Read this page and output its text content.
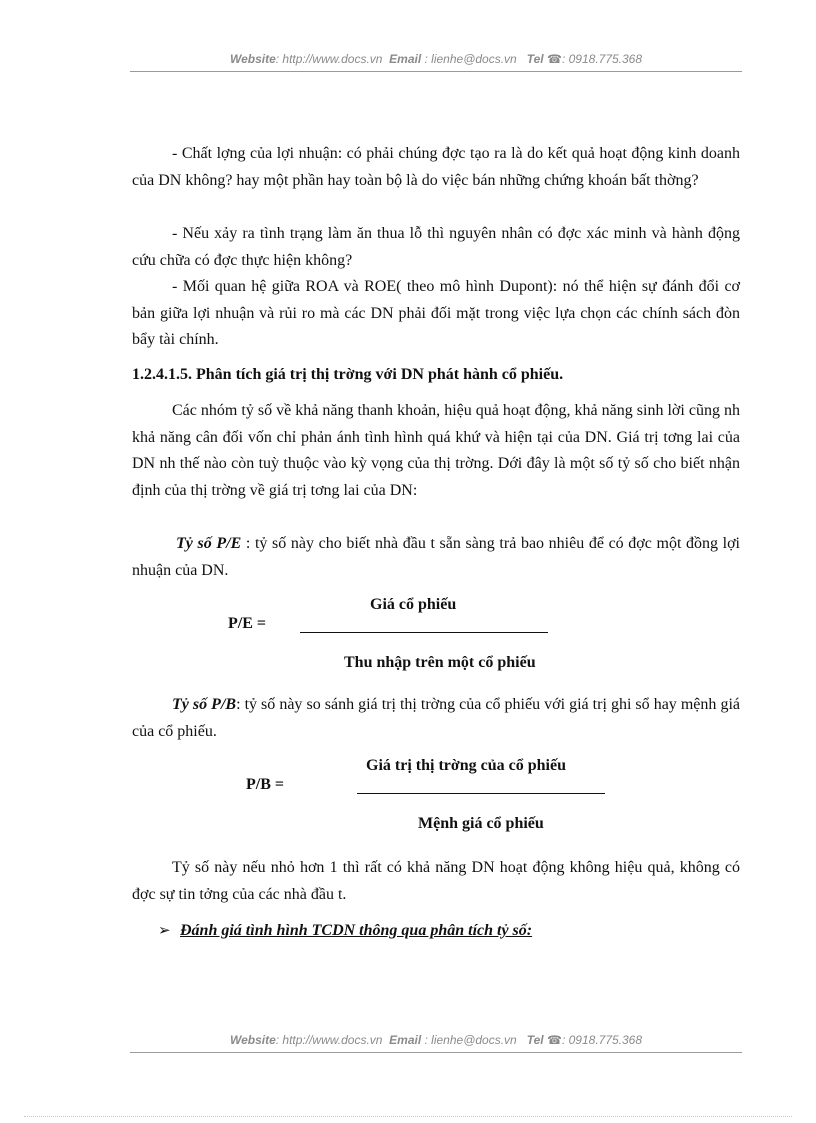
Website: http://www.docs.vn Email : lienhe@docs.vn Tel ☎: 0918.775.368

- Chất lợng của lợi nhuận: có phải chúng đợc tạo ra là do kết quả hoạt động kinh doanh của DN không? hay một phần hay toàn bộ là do việc bán những chứng khoán bất thờng?

- Nếu xảy ra tình trạng làm ăn thua lỗ thì nguyên nhân có đợc xác minh và hành động cứu chữa có đợc thực hiện không?

- Mối quan hệ giữa ROA và ROE( theo mô hình Dupont): nó thể hiện sự đánh đổi cơ bản giữa lợi nhuận và rủi ro mà các DN phải đối mặt trong việc lựa chọn các chính sách đòn bẩy tài chính.

1.2.4.1.5. Phân tích giá trị thị trờng với DN phát hành cổ phiếu.

Các nhóm tỷ số về khả năng thanh khoản, hiệu quả hoạt động, khả năng sinh lời cũng nh khả năng cân đối vốn chỉ phản ánh tình hình quá khứ và hiện tại của DN. Giá trị tơng lai của DN nh thế nào còn tuỳ thuộc vào kỳ vọng của thị trờng. Dới đây là một số tỷ số cho biết nhận định của thị trờng về giá trị tơng lai của DN:

Tỷ số P/E : tỷ số này cho biết nhà đầu t sẵn sàng trả bao nhiêu để có đợc một đồng lợi nhuận của DN.

Giá cổ phiếu
P/E =
Thu nhập trên một cổ phiếu

Tỷ số P/B: tỷ số này so sánh giá trị thị trờng của cổ phiếu với giá trị ghi sổ hay mệnh giá của cổ phiếu.

Giá trị thị trờng của cổ phiếu
P/B =
Mệnh giá cổ phiếu

Tỷ số này nếu nhỏ hơn 1 thì rất có khả năng DN hoạt động không hiệu quả, không có đợc sự tin tởng của các nhà đầu t.

➢ Đánh giá tình hình TCDN thông qua phân tích tỷ số:
Website: http://www.docs.vn Email : lienhe@docs.vn Tel ☎: 0918.775.368
